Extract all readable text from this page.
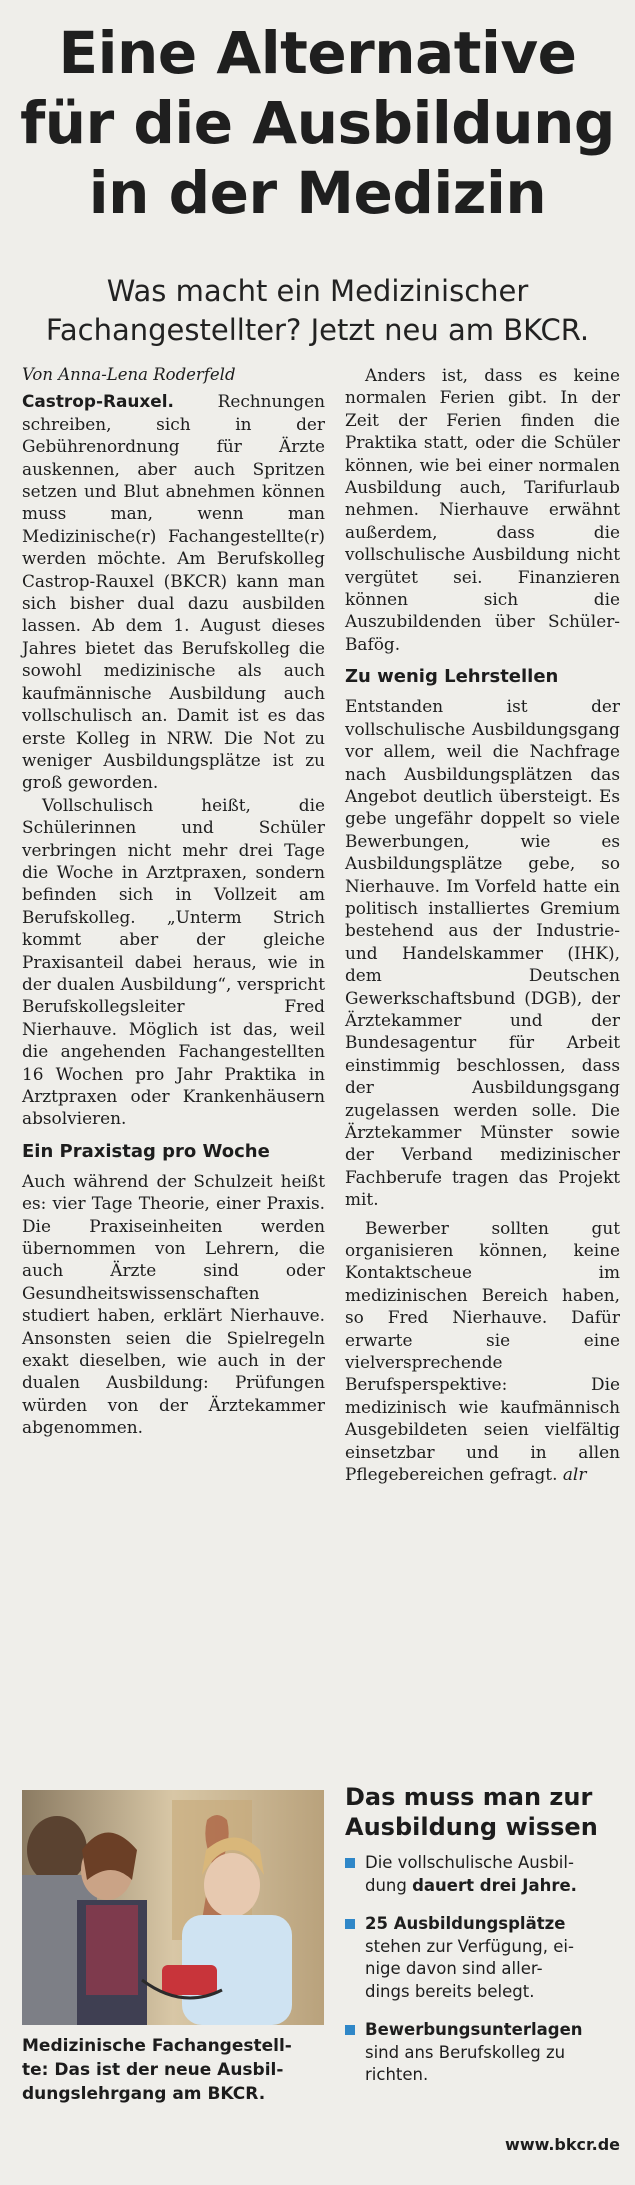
Eine Alternative
für die Ausbildung
in der Medizin
Was macht ein Medizinischer
Fachangestellter? Jetzt neu am BKCR.

Von Anna-Lena Roderfeld

Castrop-Rauxel. Rechnungen schreiben, sich in der Gebührenordnung für Ärzte auskennen, aber auch Spritzen setzen und Blut abnehmen können muss man, wenn man Medizinische(r) Fachangestellte(r) werden möchte. Am Berufskolleg Castrop-Rauxel (BKCR) kann man sich bisher dual dazu ausbilden lassen. Ab dem 1. August dieses Jahres bietet das Berufskolleg die sowohl medizinische als auch kaufmännische Ausbildung auch vollschulisch an. Damit ist es das erste Kolleg in NRW. Die Not zu weniger Ausbildungsplätze ist zu groß geworden.

Vollschulisch heißt, die Schülerinnen und Schüler verbringen nicht mehr drei Tage die Woche in Arztpraxen, sondern befinden sich in Vollzeit am Berufskolleg. „Unterm Strich kommt aber der gleiche Praxisanteil dabei heraus, wie in der dualen Ausbildung“, verspricht Berufskollegsleiter Fred Nierhauve. Möglich ist das, weil die angehenden Fachangestellten 16 Wochen pro Jahr Praktika in Arztpraxen oder Krankenhäusern absolvieren.

Ein Praxistag pro Woche

Auch während der Schulzeit heißt es: vier Tage Theorie, einer Praxis. Die Praxiseinheiten werden übernommen von Lehrern, die auch Ärzte sind oder Gesundheitswissenschaften studiert haben, erklärt Nierhauve. Ansonsten seien die Spielregeln exakt dieselben, wie auch in der dualen Ausbildung: Prüfungen würden von der Ärztekammer abgenommen.

Anders ist, dass es keine normalen Ferien gibt. In der Zeit der Ferien finden die Praktika statt, oder die Schüler können, wie bei einer normalen Ausbildung auch, Tarifurlaub nehmen. Nierhauve erwähnt außerdem, dass die vollschulische Ausbildung nicht vergütet sei. Finanzieren können sich die Auszubildenden über Schüler-Bafög.

Zu wenig Lehrstellen

Entstanden ist der vollschulische Ausbildungsgang vor allem, weil die Nachfrage nach Ausbildungsplätzen das Angebot deutlich übersteigt. Es gebe ungefähr doppelt so viele Bewerbungen, wie es Ausbildungsplätze gebe, so Nierhauve. Im Vorfeld hatte ein politisch installiertes Gremium bestehend aus der Industrie- und Handelskammer (IHK), dem Deutschen Gewerkschaftsbund (DGB), der Ärztekammer und der Bundesagentur für Arbeit einstimmig beschlossen, dass der Ausbildungsgang zugelassen werden solle. Die Ärztekammer Münster sowie der Verband medizinischer Fachberufe tragen das Projekt mit.

Bewerber sollten gut organisieren können, keine Kontaktscheue im medizinischen Bereich haben, so Fred Nierhauve. Dafür erwarte sie eine vielversprechende Berufsperspektive: Die medizinisch wie kaufmännisch Ausgebildeten seien vielfältig einsetzbar und in allen Pflegebereichen gefragt. alr

Medizinische Fachangestell-
te: Das ist der neue Ausbil-
dungslehrgang am BKCR.
Das muss man zur
Ausbildung wissen
Die vollschulische Ausbil-
dung dauert drei Jahre.
25 Ausbildungsplätze
stehen zur Verfügung, ei-
nige davon sind aller-
dings bereits belegt.
Bewerbungsunterlagen
sind ans Berufskolleg zu
richten.
www.bkcr.de
